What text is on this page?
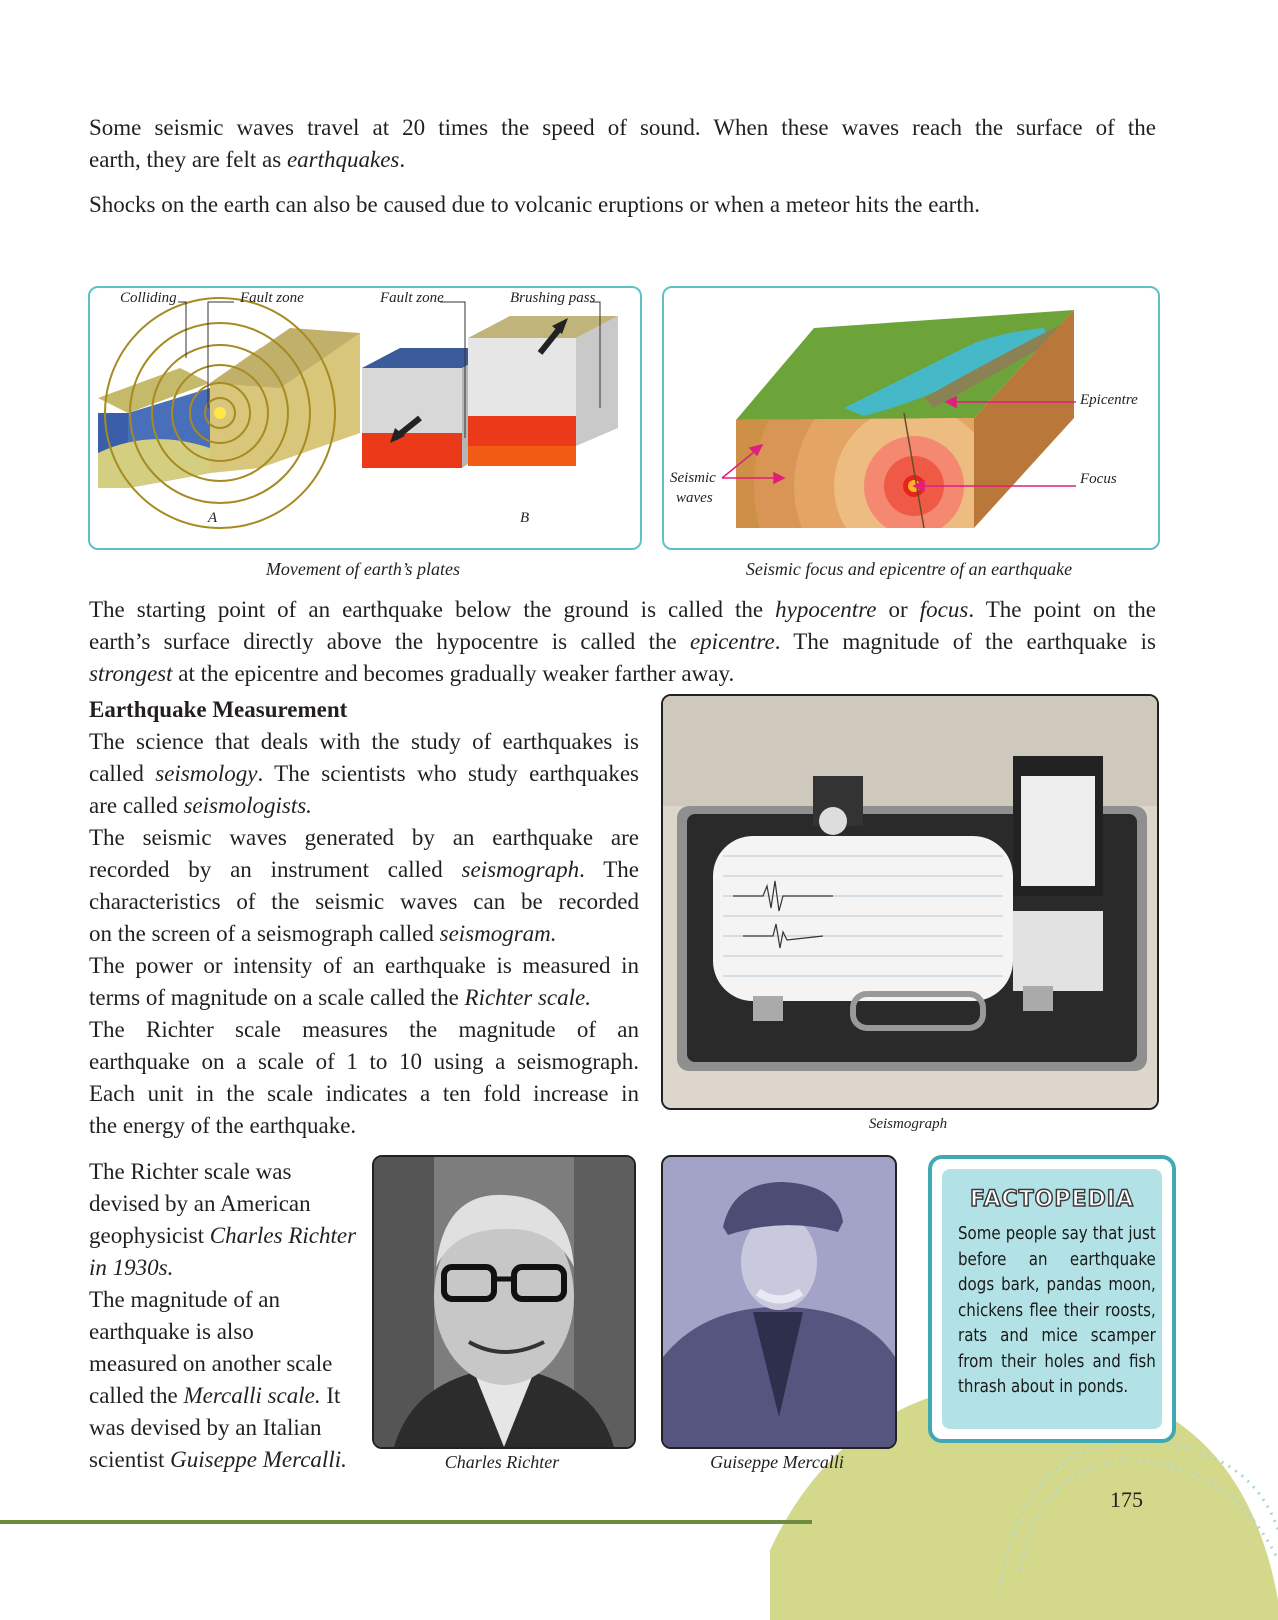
Some seismic waves travel at 20 times the speed of sound. When these waves reach the surface of the
earth, they are felt as earthquakes.

Shocks on the earth can also be caused due to volcanic eruptions or when a meteor hits the earth.

Colliding	Fault zone	Fault zone	Brushing pass
A	B
Movement of earth’s plates
Epicentre
Focus
Seismic
waves
Seismic focus and epicentre of an earthquake

The starting point of an earthquake below the ground is called the hypocentre or focus. The point on the
earth’s surface directly above the hypocentre is called the epicentre. The magnitude of the earthquake is
strongest at the epicentre and becomes gradually weaker farther away.

Earthquake Measurement
The science that deals with the study of earthquakes is
called seismology. The scientists who study earthquakes
are called seismologists.
The seismic waves generated by an earthquake are
recorded by an instrument called seismograph. The
characteristics of the seismic waves can be recorded
on the screen of a seismograph called seismogram.
The power or intensity of an earthquake is measured in
terms of magnitude on a scale called the Richter scale.
The Richter scale measures the magnitude of an
earthquake on a scale of 1 to 10 using a seismograph.
Each unit in the scale indicates a ten fold increase in
the energy of the earthquake.	Seismograph
The Richter scale was
devised by an American
geophysicist Charles Richter
in 1930s.
The magnitude of an
earthquake is also
measured on another scale
called the Mercalli scale. It
was devised by an Italian
scientist Guiseppe Mercalli.	Charles Richter	Guiseppe Mercalli
FACTOPEDIA
Some people say that just
before an earthquake
dogs bark, pandas moon,
chickens flee their roosts,
rats and mice scamper
from their holes and fish
thrash about in ponds.
175
